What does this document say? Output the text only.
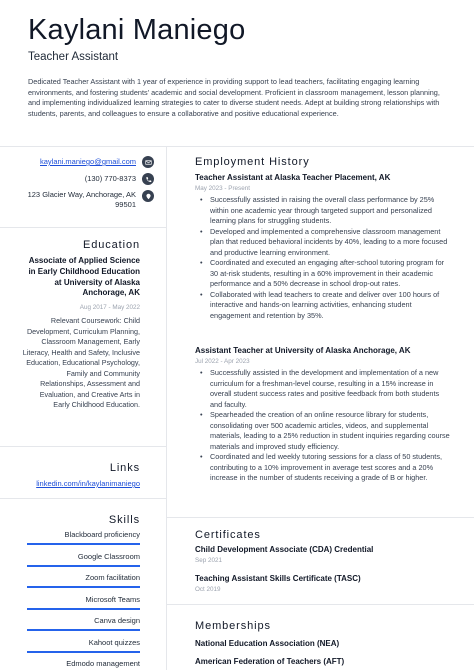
Kaylani Maniego
Teacher Assistant
Dedicated Teacher Assistant with 1 year of experience in providing support to lead teachers, facilitating engaging learning environments, and fostering students' academic and social development. Proficient in classroom management, lesson planning, and implementing individualized learning strategies to cater to diverse student needs. Adept at building strong relationships with students, parents, and colleagues to ensure a collaborative and positive educational experience.
kaylani.maniego@gmail.com
(130) 770-8373
123 Glacier Way, Anchorage, AK
99501
Education
Associate of Applied Science in Early Childhood Education at University of Alaska Anchorage, AK
Aug 2017 - May 2022
Relevant Coursework: Child Development, Curriculum Planning, Classroom Management, Early Literacy, Health and Safety, Inclusive Education, Educational Psychology, Family and Community Relationships, Assessment and Evaluation, and Creative Arts in Early Childhood Education.
Links
linkedin.com/in/kaylanimaniego
Skills
Blackboard proficiency
Google Classroom
Zoom facilitation
Microsoft Teams
Canva design
Kahoot quizzes
Edmodo management
Employment History
Teacher Assistant at Alaska Teacher Placement, AK
May 2023 - Present
• Successfully assisted in raising the overall class performance by 25% within one academic year through targeted support and personalized learning plans for struggling students.
• Developed and implemented a comprehensive classroom management plan that reduced behavioral incidents by 40%, leading to a more focused and productive learning environment.
• Coordinated and executed an engaging after-school tutoring program for 30 at-risk students, resulting in a 60% improvement in their academic performance and a 50% decrease in school drop-out rates.
• Collaborated with lead teachers to create and deliver over 100 hours of interactive and hands-on learning activities, enhancing student engagement and retention by 35%.
Assistant Teacher at University of Alaska Anchorage, AK
Jul 2022 - Apr 2023
• Successfully assisted in the development and implementation of a new curriculum for a freshman-level course, resulting in a 15% increase in overall student success rates and positive feedback from both students and faculty.
• Spearheaded the creation of an online resource library for students, consolidating over 500 academic articles, videos, and supplemental materials, leading to a 25% reduction in student inquiries regarding course materials and improved study efficiency.
• Coordinated and led weekly tutoring sessions for a class of 50 students, contributing to a 10% improvement in average test scores and a 20% increase in the number of students receiving a grade of B or higher.
Certificates
Child Development Associate (CDA) Credential
Sep 2021
Teaching Assistant Skills Certificate (TASC)
Oct 2019
Memberships
National Education Association (NEA)
American Federation of Teachers (AFT)
